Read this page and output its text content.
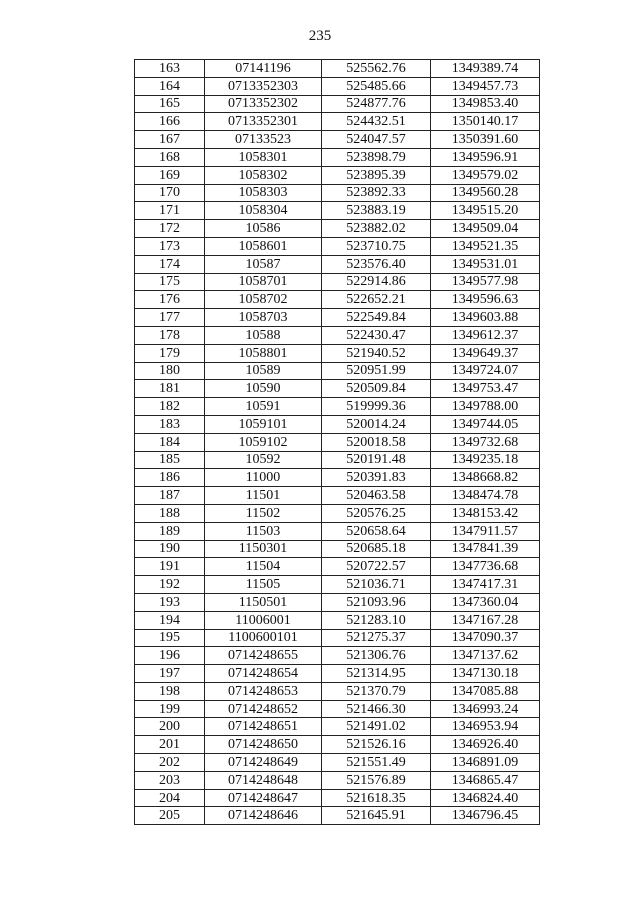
235
163	07141196	525562.76	1349389.74
164	0713352303	525485.66	1349457.73
165	0713352302	524877.76	1349853.40
166	0713352301	524432.51	1350140.17
167	07133523	524047.57	1350391.60
168	1058301	523898.79	1349596.91
169	1058302	523895.39	1349579.02
170	1058303	523892.33	1349560.28
171	1058304	523883.19	1349515.20
172	10586	523882.02	1349509.04
173	1058601	523710.75	1349521.35
174	10587	523576.40	1349531.01
175	1058701	522914.86	1349577.98
176	1058702	522652.21	1349596.63
177	1058703	522549.84	1349603.88
178	10588	522430.47	1349612.37
179	1058801	521940.52	1349649.37
180	10589	520951.99	1349724.07
181	10590	520509.84	1349753.47
182	10591	519999.36	1349788.00
183	1059101	520014.24	1349744.05
184	1059102	520018.58	1349732.68
185	10592	520191.48	1349235.18
186	11000	520391.83	1348668.82
187	11501	520463.58	1348474.78
188	11502	520576.25	1348153.42
189	11503	520658.64	1347911.57
190	1150301	520685.18	1347841.39
191	11504	520722.57	1347736.68
192	11505	521036.71	1347417.31
193	1150501	521093.96	1347360.04
194	11006001	521283.10	1347167.28
195	1100600101	521275.37	1347090.37
196	0714248655	521306.76	1347137.62
197	0714248654	521314.95	1347130.18
198	0714248653	521370.79	1347085.88
199	0714248652	521466.30	1346993.24
200	0714248651	521491.02	1346953.94
201	0714248650	521526.16	1346926.40
202	0714248649	521551.49	1346891.09
203	0714248648	521576.89	1346865.47
204	0714248647	521618.35	1346824.40
205	0714248646	521645.91	1346796.45
